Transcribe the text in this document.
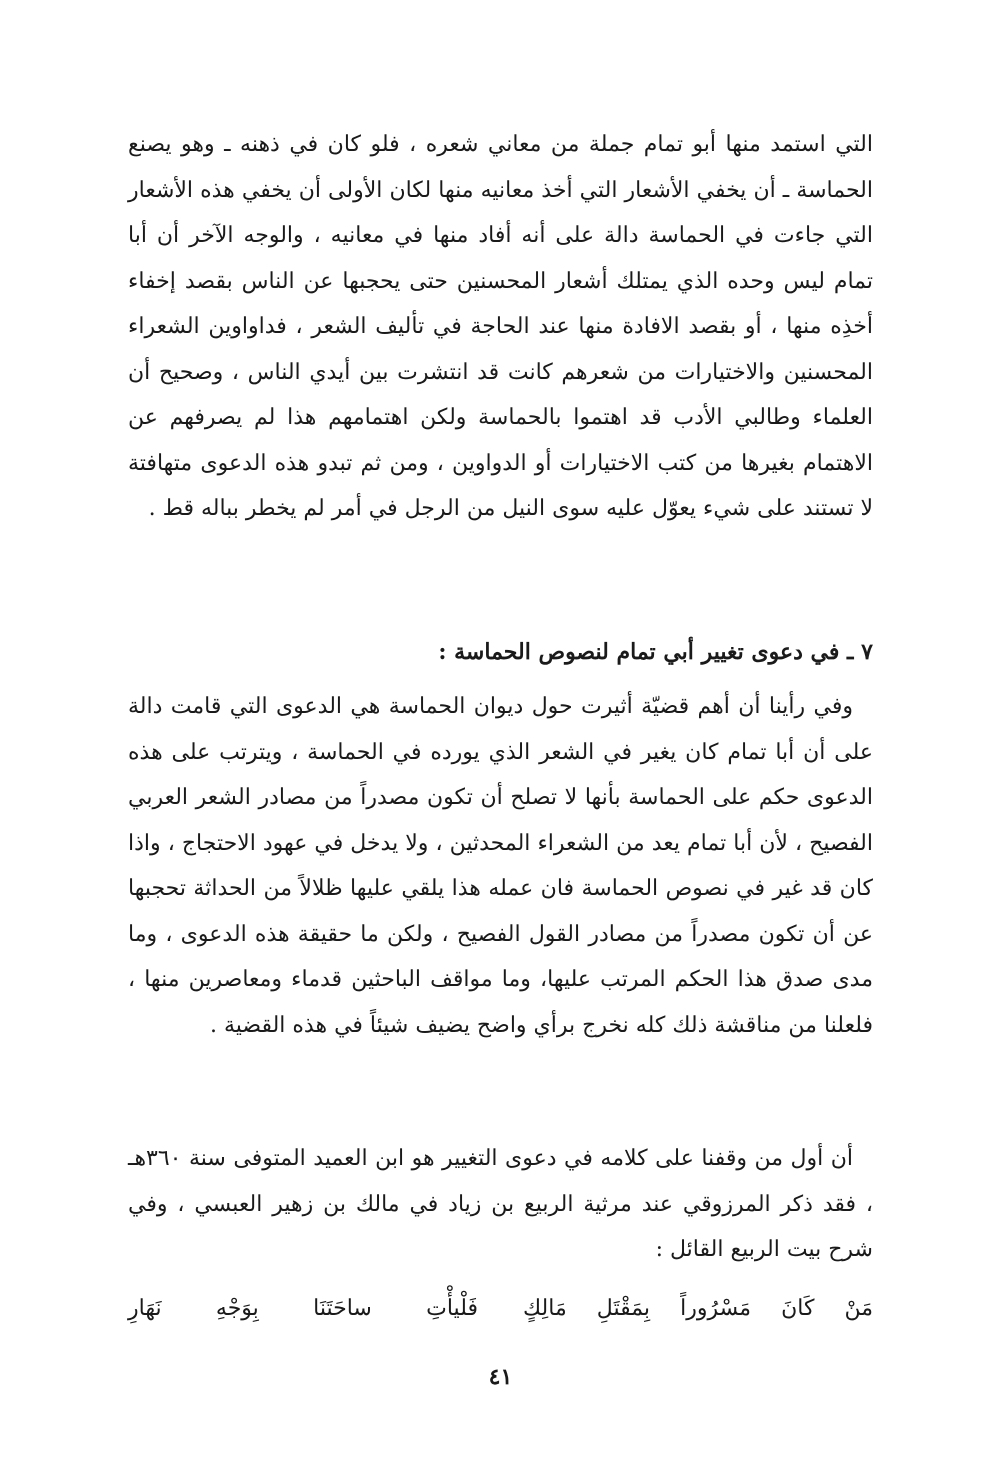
التي استمد منها أبو تمام جملة من معاني شعره ، فلو كان في ذهنه ـ وهو يصنع الحماسة ـ أن يخفي الأشعار التي أخذ معانيه منها لكان الأولى أن يخفي هذه الأشعار التي جاءت في الحماسة دالة على أنه أفاد منها في معانيه ، والوجه الآخر أن أبا تمام ليس وحده الذي يمتلك أشعار المحسنين حتى يحجبها عن الناس بقصد إخفاء أخذِه منها ، أو بقصد الافادة منها عند الحاجة في تأليف الشعر ، فداواوين الشعراء المحسنين والاختيارات من شعرهم كانت قد انتشرت بين أيدي الناس ، وصحيح أن العلماء وطالبي الأدب قد اهتموا بالحماسة ولكن اهتمامهم هذا لم يصرفهم عن الاهتمام بغيرها من كتب الاختيارات أو الدواوين ، ومن ثم تبدو هذه الدعوى متهافتة لا تستند على شيء يعوّل عليه سوى النيل من الرجل في أمر لم يخطر بباله قط .

٧ ـ في دعوى تغيير أبي تمام لنصوص الحماسة :

وفي رأينا أن أهم قضيّة أثيرت حول ديوان الحماسة هي الدعوى التي قامت دالة على أن أبا تمام كان يغير في الشعر الذي يورده في الحماسة ، ويترتب على هذه الدعوى حكم على الحماسة بأنها لا تصلح أن تكون مصدراً من مصادر الشعر العربي الفصيح ، لأن أبا تمام يعد من الشعراء المحدثين ، ولا يدخل في عهود الاحتجاج ، واذا كان قد غير في نصوص الحماسة فان عمله هذا يلقي عليها ظلالاً من الحداثة تحجبها عن أن تكون مصدراً من مصادر القول الفصيح ، ولكن ما حقيقة هذه الدعوى ، وما مدى صدق هذا الحكم المرتب عليها، وما مواقف الباحثين قدماء ومعاصرين منها ، فلعلنا من مناقشة ذلك كله نخرج برأي واضح يضيف شيئاً في هذه القضية .

أن أول من وقفنا على كلامه في دعوى التغيير هو ابن العميد المتوفى سنة ٣٦٠هـ ، فقد ذكر المرزوقي عند مرثية الربيع بن زياد في مالك بن زهير العبسي ، وفي شرح بيت الربيع القائل :

مَنْ
كَانَ
مَسْرُوراً
بِمَقْتَلِ
مَالِكٍ
فَلْيأْتِ
ساحَتَنَا
بِوَجْهِ
نَهَارِ
٤١
